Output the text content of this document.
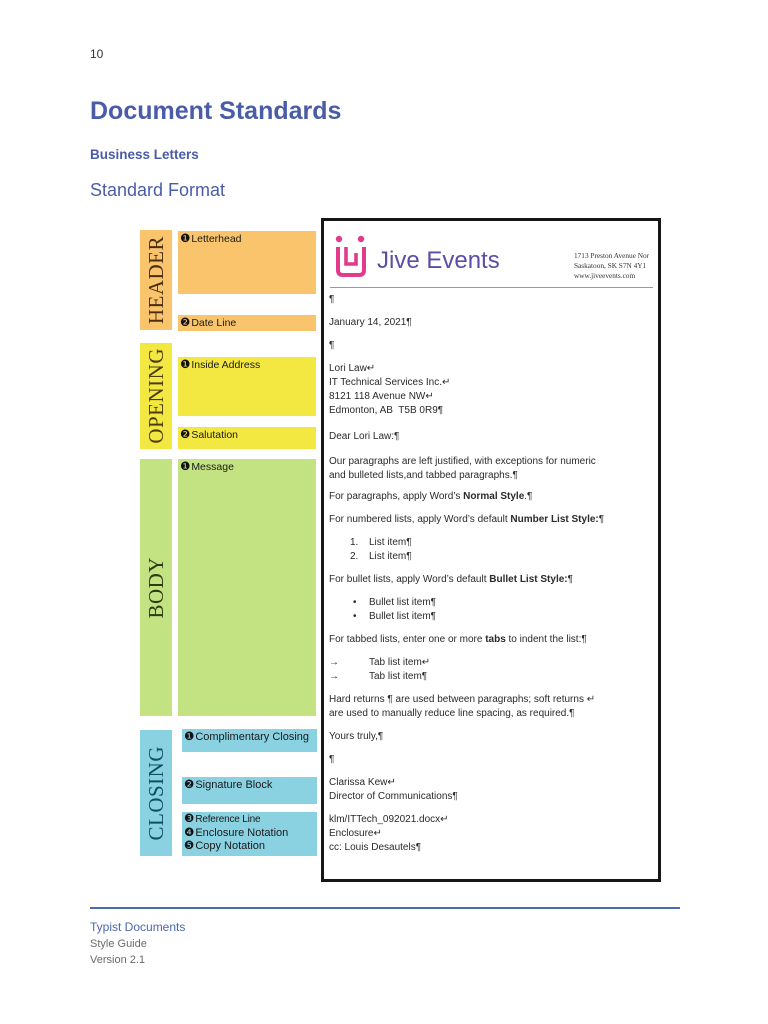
10
Document Standards
Business Letters
Standard Format
HEADER
OPENING
BODY
CLOSING
❶Letterhead
❷Date Line
❶Inside Address
❷Salutation
❶Message
❶Complimentary Closing
❷Signature Block
❸Reference Line
❹Enclosure Notation
❺Copy Notation
Jive Events	1713 Preston Avenue Nor
Saskatoon, SK S7N 4Y1
www.jiveevents.com
¶
January 14, 2021¶
¶
Lori Law↵
IT Technical Services Inc.↵
8121 118 Avenue NW↵
Edmonton, AB  T5B 0R9¶
Dear Lori Law:¶
Our paragraphs are left justified, with exceptions for numeric
and bulleted lists,and tabbed paragraphs.¶
For paragraphs, apply Word’s Normal Style.¶
For numbered lists, apply Word’s default Number List Style:¶
1. List item¶
2. List item¶
For bullet lists, apply Word’s default Bullet List Style:¶
• Bullet list item¶
• Bullet list item¶
For tabbed lists, enter one or more tabs to indent the list:¶
→	Tab list item↵
→	Tab list item¶
Hard returns ¶ are used between paragraphs; soft returns ↵
are used to manually reduce line spacing, as required.¶
Yours truly,¶
¶
Clarissa Kew↵
Director of Communications¶
klm/ITTech_092021.docx↵
Enclosure↵
cc: Louis Desautels¶
Typist Documents
Style Guide
Version 2.1
